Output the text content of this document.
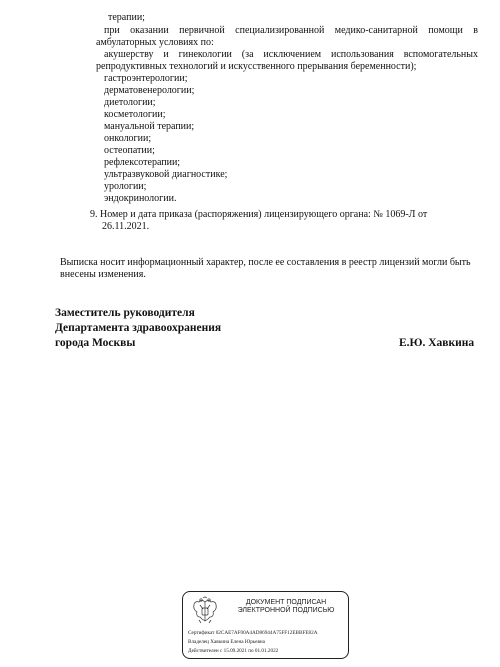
терапии;
при оказании первичной специализированной медико-санитарной помощи в
амбулаторных условиях по:
акушерству и гинекологии (за исключением использования вспомогательных
репродуктивных технологий и искусственного прерывания беременности);
гастроэнтерологии;
дерматовенерологии;
диетологии;
косметологии;
мануальной терапии;
онкологии;
остеопатии;
рефлексотерапии;
ультразвуковой диагностике;
урологии;
эндокринологии.
9. Номер и дата приказа (распоряжения) лицензирующего органа: № 1069-Л от
26.11.2021.
Выписка носит информационный характер, после ее составления в реестр лицензий могли быть внесены изменения.
Заместитель руководителя
Департамента здравоохранения
города Москвы	Е.Ю. Хавкина
ДОКУМЕНТ ПОДПИСАН
ЭЛЕКТРОННОЙ ПОДПИСЬЮ
Сертификат 02CAE7AF00A4AD86944A75FF12EBBFE82A
Владелец Хавкина Елена Юрьевна
Действителен с 15.09.2021 по 01.01.2022
